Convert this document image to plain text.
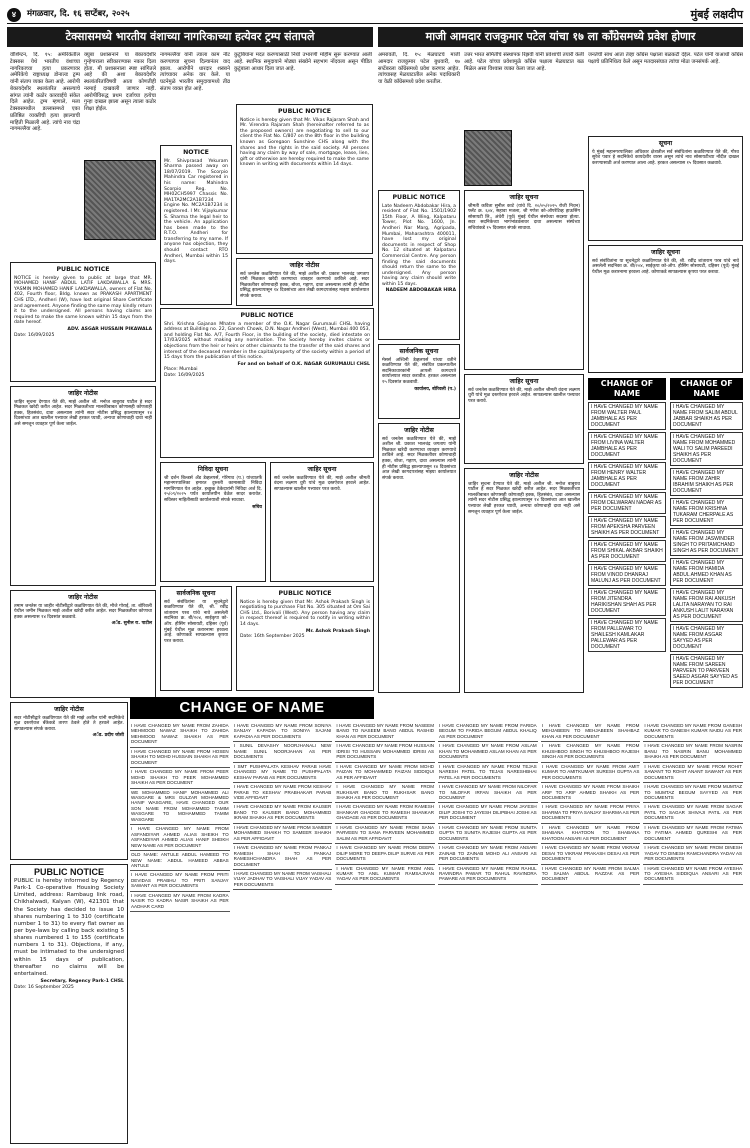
४	मंगळवार, दि. १६ सप्टेंबर, २०२५	मुंबई लक्षदीप
टेक्सासमध्ये भारतीय वंशाच्या नागरिकाच्या हत्येवर ट्रम्प संतापले	माजी आमदार राजकुमार पटेल यांचा १७ ला काँग्रेसमध्ये प्रवेश होणार
वॉशिंग्टन, दि. १५: अमेरिकेतील टेक्सास येथे भारतीय वंशाच्या नागरिकाच्या हत्या प्रकरणावर अमेरिकेचे राष्ट्राध्यक्ष डोनाल्ड ट्रम्प यांनी संताप व्यक्त केला आहे. आरोपी बेकायदेशीर स्थलांतरित असल्याचे सांगत त्यांनी कठोर कारवाईचे संकेत दिले आहेत. ट्रम्प म्हणाले, मला टेक्सासमधील डल्लासमध्ये एका प्रतिष्ठित व्यक्तीची हत्या झाल्याची माहिती मिळाली आहे. त्यांचे नाव चंद्रा नागमल्लैया आहे.
क्युबा प्रशासनाने या बेकायदेशीर गुन्हेगाराला स्वीकारण्यास नकार दिला होता. मी प्रशासनाला स्पष्ट सांगितले आहे की अशा बेकायदेशीर स्थलांतरितांविषयी आता कोणतीही नरमाई दाखवली जाणार नाही. आरोपीविरुद्ध प्रथम दर्जाच्या हत्येचा गुन्हा दाखल झाला असून त्याला कठोर शिक्षा होईल.
नागमल्लैया यांनी त्याला काम नीट करण्याच्या सूचना दिल्यानंतर वाद झाला. आरोपीने धारदार शस्त्राने त्यांच्यावर अनेक वार केले. या घटनेमुळे भारतीय समुदायामध्ये तीव्र संताप व्यक्त होत आहे.
कुटुंबियांना मदत करण्यासाठी निधी उभारणी मोहीम सुरू करण्यात आली आहे. स्थानिक समुदायाने मोठ्या संख्येने सहभाग नोंदवला असून पीडित कुटुंबाला आधार दिला जात आहे.
NOTICE
Mr. Shivprasad Yekuram Sharma passed away on 18/07/2019. The Scorpio Mahindra Car registered in his name: Mahindra Scorpio Reg. No. MH02CH5997 Chassis No. MA1TA2MC2A1B7234 Engine No. MC2A1B7234 is registered. I Mr. Vijaykumar S. Sharma the legal heir to the vehicle. An application has been made to the R.T.O. Andheri for transferring to my name. If anyone has objection, they should contact RTO Andheri, Mumbai within 15 days.
PUBLIC NOTICE
Notice is hereby given that Mr. Vikas Rajaram Shah and Mr. Virendra Rajaram Shah (hereinafter referred to as the proposed owners) are negotiating to sell to our client the Flat No. C/807 on the 8th floor in the building known as Goregaon Sunshine CHS along with the shares and the rights in the said society. All persons having any claim by way of sale, mortgage, lease, lien, gift or otherwise are hereby required to make the same known in writing with documents within 14 days.
PUBLIC NOTICE
NOTICE is hereby given to public at large that MR. MOHAMED HANIF ABDUL LATIF LAKDAWALLA & MRS. YASMIN MOHAMED HANIF LAKDAWALLA, owners of Flat No. 402, Fourth floor, Bldg. known as PRAKASH APARTMENT CHS LTD., Andheri (W), have lost original Share Certificate and agreement. Anyone finding the same may kindly return it to the undersigned. All persons having claims are required to make the same known within 15 days from the date hereof.
ADV. ASGAR HUSSAIN PIKAWALA
Date: 16/09/2025
PUBLIC NOTICE
Shri. Krishna Gajanan Mhatre a member of the O.K. Nagar Gurumauli CHSL having address at Building no. 22, Ganesh Chowk, D.N. Nagar Andheri (West), Mumbai 400 053, and holding Flat No. A/7, Fourth Floor, in the building of the society, died intestate on 17/03/2025 without making any nomination. The Society hereby invites claims or objections from the heir or heirs or other claimants to the transfer of the said shares and interest of the deceased member in the capital/property of the society within a period of 15 days from the publication of this notice.
For and on behalf of O.K. NAGAR GURUMAULI CHSL
Place: Mumbai
Date: 16/09/2025
जाहिर नोटीस
सर्व जनतेस कळविण्यात येते की, माझे अशील श्री. प्रकाश भालचंद्र जगताप यांनी मिळकत खरेदी करण्याचा व्यवहार करण्याचे ठरविले आहे. सदर मिळकतीवर कोणाचाही हक्क, बोजा, गहाण, दावा असल्यास त्यांनी ही नोटीस प्रसिद्ध झाल्यापासून १४ दिवसांच्या आत लेखी कागदपत्रांसह माझ्या कार्यालयात संपर्क करावा.
जाहिर नोटीस
जाहिर सूचना देण्यात येते की, माझे अशील श्री. मनोज बाबुराव पाटील हे सदर मिळकत खरेदी करीत आहेत. सदर मिळकतीच्या मालकीबाबत कोणासही कोणताही हक्क, हितसंबंध, दावा असल्यास त्यांनी सदर नोटीस प्रसिद्ध झाल्यापासून १४ दिवसांच्या आत खालील पत्त्यावर लेखी हरकत घ्यावी, अन्यथा कोणाचाही दावा नाही असे समजून व्यवहार पूर्ण केला जाईल.
निविदा सूचना
श्री दर्शन बिल्डर्स अँड डेव्हलपर्स, गोरेगाव (प.) यांच्यातर्फे महानगरपालिका इमारत दुरुस्ती कामासाठी निविदा मागविण्यात येत आहेत. इच्छुक ठेकेदारांनी निविदा अर्ज दि. २५/०९/२०२५ पर्यंत कार्यालयीन वेळेत सादर करावेत. सविस्तर माहितीसाठी कार्यालयाशी संपर्क साधावा.
सचिव
जाहिर सूचना
सर्व जनतेस कळविण्यात येते की, माझे अशील श्रीमती वंदना लक्ष्मण धुरी यांचे मूळ दस्तऐवज हरवले आहेत. सापडल्यास खालील पत्त्यावर परत करावे.
PUBLIC NOTICE
Notice is hereby given that Mr. Ashok Prakash Singh is negotiating to purchase Flat No. 305 situated at Om Sai CHS Ltd., Borivali (West). Any person having any claim in respect thereof is required to notify in writing within 14 days.
Mr. Ashok Prakash Singh
Date: 16th September 2025
सार्वजनिक सूचना
सर्व संबंधितांना या सूचनेद्वारे कळविण्यात येते की, श्री. रवींद्र शांताराम परब यांचे नावे असलेली सदनिका क्र. बी/२०४, साईकृपा को-ऑप. हौसिंग सोसायटी, दहिसर (पूर्व) मुंबई येथील मूळ करारनामा हरवला आहे. कोणाकडे सापडल्यास कृपया परत करावा.
जाहिर नोटीस
तमाम जनतेस या जाहीर नोटीसीद्वारे कळविण्यात येते की, मौजे गोराई, ता. बोरिवली येथील जमीन मिळकत माझे अशील खरेदी करीत आहेत. सदर मिळकतीवर कोणाचा हक्क असल्यास १४ दिवसांत कळवावे.
अॅड. सुनील रा. पाटील
PUBLIC NOTICE
PUBLIC is hereby informed by Regency Park-1 Co-operative Housing Society Limited, address: Rambaug link road, Chikhalwadi, Kalyan (W), 421301 that the Society has decided to issue 10 shares numbering 1 to 310 (certificate number 1 to 31) to every flat owner as per bye-laws by calling back existing 5 shares numbered 1 to 155 (certificate numbers 1 to 31). Objections, if any, must be intimated to the undersigned within 15 days of publication, thereafter no claims will be entertained.
Secretary, Regency Park-1 CHSL
Date: 16 September 2025
जाहिर नोटीस
सदर नोटीसीद्वारे कळविण्यात येते की माझे अशील यांनी सदनिकेचे मूळ दस्तऐवज बँकेकडे तारण ठेवले होते ते हरवले आहेत. सापडल्यास संपर्क करावा.
अॅड. प्रदीप जोशी
CHANGE OF NAME
I HAVE CHANGED MY NAME FROM ZAHIDA MEHMOOD NAWAZ SHAIKH TO ZAHIDA MEHMOOD NAWAZ SHAIKH AS PER DOCUMENT
I HAVE CHANGED MY NAME FROM HOSEN SHAIKH TO MOHD HUSSAIN SHAIKH AS PER DOCUMENT
I HAVE CHANGED MY NAME FROM PEER MOHD SHAIKH TO PEER MOHAMMED SHAIKH AS PER DOCUMENT
WE MOHAMMED HANIF MOHAMMED ALI WASGARE & MRS GULZAR MOHAMMED HANIF WASGARE, HAVE CHANGED OUR SON NAME FROM MOHAMMED TAMIM WASGARE TO MOHAMMED TAMIM WASGARE
I HAVE CHANGED MY NAME FROM ASFANDIYAR AHMED ALIAS SHEIKH TO ASFANDIYAR AHMED ALIAS HANIF SHEIKH NEW NAME AS PER DOCUMENT
OLD NAME: ANTULE ABDUL HAMEED TO NEW NAME: ABDUL HAMEED ABBAS ANTULE
I HAVE CHANGED MY NAME FROM PRITI DEVIDAS PRABHU TO PRITI SANJAY SAWANT AS PER DOCUMENTS
I HAVE CHANGED MY NAME FROM KADRA NASIR TO KADRA NASIR SHAIKH AS PER AADHAR CARD
I HAVE CHANGED MY NAME FROM SONIYA SANJAY KAPADIA TO SONIYA SAJANI KAPADIA AS PER DOCUMENTS
I SUNIL DEVASHY NOORJHANALI NEW NAME SUNIL NOORJAHAN AS PER DOCUMENTS
I SMT PUSHPALATA KESHAV PARAB HAVE CHANGED MY NAME TO PUSHPALATA KESHAV PARAB AS PER DOCUMENTS
I HAVE CHANGED MY NAME FROM KESHAV PARAB TO KESHAV PRABHAKAR PARAB VIDE AFFIDAVIT
I HAVE CHANGED MY NAME FROM KAUSER BANO TO KAUSER BANO MOHAMMED IKRAM SHAIKH AS PER DOCUMENTS
I HAVE CHANGED MY NAME FROM SAMEER MOHAMMED SHAIKH TO SAMEER SHAIKH AS PER AFFIDAVIT
I HAVE CHANGED MY NAME FROM PANKAJ RAMESH SHAH TO PANKAJ RAMESHCHANDRA SHAH AS PER DOCUMENT
I HAVE CHANGED MY NAME FROM VAISHALI VIJAY JADHAV TO VAISHALI VIJAY YADAV AS PER DOCUMENTS
I HAVE CHANGED MY NAME FROM NASEEM BANO TO NASEEM BANO ABDUL RASHID KHAN AS PER DOCUMENT
I HAVE CHANGED MY NAME FROM HUSSAIN IDRISI TO HUSSAIN MOHAMMED IDRISI AS PER DOCUMENTS
I HAVE CHANGED MY NAME FROM MOHD FAIZAN TO MOHAMMED FAIZAN SIDDIQUI AS PER AFFIDAVIT
I HAVE CHANGED MY NAME FROM RUKHSAR BANO TO RUKHSAR BANO SHAIKH AS PER DOCUMENT
I HAVE CHANGED MY NAME FROM RAMESH SHANKAR GHADGE TO RAMESH SHANKAR GHADAGE AS PER DOCUMENTS
I HAVE CHANGED MY NAME FROM SANA PARVEEN TO SANA PARVEEN MOHAMMED SALIM AS PER AFFIDAVIT
I HAVE CHANGED MY NAME FROM DEEPA DILIP MORE TO DEEPA DILIP SURVE AS PER DOCUMENTS
I HAVE CHANGED MY NAME FROM ANIL KUMAR TO ANIL KUMAR RAMSAJIVAN YADAV AS PER DOCUMENTS
I HAVE CHANGED MY NAME FROM FARIDA BEGUM TO FARIDA BEGUM ABDUL KHALIQ AS PER DOCUMENT
I HAVE CHANGED MY NAME FROM ASLAM KHAN TO MOHAMMED ASLAM KHAN AS PER DOCUMENTS
I HAVE CHANGED MY NAME FROM TEJAS NARESH PATEL TO TEJAS NARESHBHAI PATEL AS PER DOCUMENTS
I HAVE CHANGED MY NAME FROM NILOFAR TO NILOFAR IRFAN SHAIKH AS PER DOCUMENT
I HAVE CHANGED MY NAME FROM JAYESH DILIP JOSHI TO JAYESH DILIPBHAI JOSHI AS PER DOCUMENT
I HAVE CHANGED MY NAME FROM SUNITA GUPTA TO SUNITA RAJESH GUPTA AS PER DOCUMENTS
I HAVE CHANGED MY NAME FROM ANSARI ZAINAB TO ZAINAB MOHD ALI ANSARI AS PER DOCUMENTS
I HAVE CHANGED MY NAME FROM RAHUL RAVINDRA PAWAR TO RAHUL RAVINDRA PAWARE AS PER DOCUMENTS
I HAVE CHANGED MY NAME FROM MEHJABEEN TO MEHJABEEN SHAHBAZ KHAN AS PER DOCUMENT
I HAVE CHANGED MY NAME FROM KHUSHBOO SINGH TO KHUSHBOO RAJESH SINGH AS PER DOCUMENTS
I HAVE CHANGED MY NAME FROM AMIT KUMAR TO AMITKUMAR SURESH GUPTA AS PER DOCUMENTS
I HAVE CHANGED MY NAME FROM SHAIKH ARIF TO ARIF AHMED SHAIKH AS PER DOCUMENTS
I HAVE CHANGED MY NAME FROM PRIYA SHARMA TO PRIYA SANJAY SHARMA AS PER DOCUMENTS
I HAVE CHANGED MY NAME FROM SHABANA KHATOON TO SHABANA KHATOON ANSARI AS PER DOCUMENT
I HAVE CHANGED MY NAME FROM VIKRAM DESAI TO VIKRAM PRAKASH DESAI AS PER DOCUMENTS
I HAVE CHANGED MY NAME FROM SALMA TO SALMA ABDUL RAZZAK AS PER DOCUMENT
I HAVE CHANGED MY NAME FROM GANESH KUMAR TO GANESH KUMAR NAIDU AS PER DOCUMENTS
I HAVE CHANGED MY NAME FROM NASRIN BANU TO NASRIN BANU MOHAMMED SHAIKH AS PER DOCUMENT
I HAVE CHANGED MY NAME FROM ROHIT SAWANT TO ROHIT ANANT SAWANT AS PER DOCUMENTS
I HAVE CHANGED MY NAME FROM MUMTAZ TO MUMTAZ BEGUM SAYYED AS PER DOCUMENTS
I HAVE CHANGED MY NAME FROM SAGAR PATIL TO SAGAR SHIVAJI PATIL AS PER DOCUMENTS
I HAVE CHANGED MY NAME FROM FATIMA TO FATIMA AHMED QURESHI AS PER DOCUMENT
I HAVE CHANGED MY NAME FROM DINESH YADAV TO DINESH RAMCHANDRA YADAV AS PER DOCUMENTS
I HAVE CHANGED MY NAME FROM AYESHA TO AYESHA SIDDIQUA ANSARI AS PER DOCUMENTS
PUBLIC NOTICE
Late Nadeem Abdobakar Hira, a resident of Flat No. 1501/1902 15th Floor, A Wing, Kalpataru Tower, Plot No. 1600, Jn. Andheri Nar Marg, Agripada, Mumbai, Maharashtra 400011, have lost my original documents in respect of Shop No. 12 situated at Kalpataru Commercial Centre. Any person finding the said documents should return the same to the undersigned. Any person having any claim should write within 15 days.
NADEEM ABDOBAKAR HIRA
अमरावती, दि. १५: मेळघाटचे माजी आमदार राजकुमार पटेल बुधवारी, १७ सप्टेंबरला काँग्रेसमध्ये प्रवेश करणार आहेत. त्यांच्यासह मेळघाटातील अनेक पदाधिकारी या वेळी काँग्रेसमध्ये प्रवेश करतील.
उत्तर भारत समितीचे संस्थापक रिझवी यांनी प्रवेशाची तयारी केली आहे. पटेल यांच्या प्रवेशामुळे काँग्रेस पक्षाला मेळघाटात बळ मिळेल असा विश्वास व्यक्त केला जात आहे.
जनतेची साथ आता तेव्हा काँग्रेस पक्षाला बळकटी देईल. पटेल यांनी याआधी काँग्रेस पक्षाचे प्रतिनिधित्व केले असून मतदारसंघात त्यांचा मोठा जनसंपर्क आहे.
जाहिर सूचना
श्रीमती कविता सुनील काटे (यांचे दि. २०/०५/२०२५ रोजी निधन) फ्लॅट क्र. ६०४, सहावा मजला, श्री गणेश को-ऑपरेटिव्ह हाऊसिंग सोसायटी लि., अंधेरी (पूर्व) मुंबई येथील संस्थेच्या सदस्या होत्या. सदर सदनिकेच्या भागभांडवलावर दावा असल्यास संस्थेच्या सचिवांकडे १५ दिवसात संपर्क साधावा.
सूचना
ये मुंबई महानगरपालिका अधिकार क्षेत्रातील सर्व संबंधितांना कळविण्यात येते की, गौरव सुरेश पवार हे सदनिकेचे कायदेशीर वारस असून त्यांचे नाव सोसायटीच्या नोंदीत दाखल करण्यासाठी अर्ज करण्यात आला आहे. हरकत असल्यास १५ दिवसात कळवावे.
सार्वजनिक सूचना
मेसर्स अश्विनी डेव्हलपर्स यांच्या वतीने कळविण्यात येते की, संबंधित प्रकल्पातील सदनिकाधारकांनी आपली कागदपत्रे कार्यालयात सादर करावीत. हरकत असल्यास १५ दिवसांत कळवावी.
कार्यालय, बोरिवली (प.)
CHANGE OF NAME
I HAVE CHANGED MY NAME FROM WALTER PAUL JAMBHALE AS PER DOCUMENT
I HAVE CHANGED MY NAME FROM LIVINA WALTER JAMBHALE AS PER DOCUMENT
I HAVE CHANGED MY NAME FROM HENRY WALTER JAMBHALE AS PER DOCUMENT
I HAVE CHANGED MY NAME FROM DELWARAN NADAR AS PER DOCUMENT
I HAVE CHANGED MY NAME FROM APEKSHA PARVEEN SHAIKH AS PER DOCUMENT
I HAVE CHANGED MY NAME FROM SHIKAL AKBAR SHAIKH AS PER DOCUMENT
I HAVE CHANGED MY NAME FROM VINOD DHANRAJ MALUNJ AS PER DOCUMENT
I HAVE CHANGED MY NAME FROM JITENDRA HARIKISHAN SHAH AS PER DOCUMENT
I HAVE CHANGED MY NAME FROM PALLEWAR TO SHAILESH KAMLAKAR PALLEWAR AS PER DOCUMENT
CHANGE OF NAME
I HAVE CHANGED MY NAME FROM SALIM ABDUL JABBAR SHAIKH AS PER DOCUMENT
I HAVE CHANGED MY NAME FROM MOHAMMED WALI TO SALIM PAREEDI SHAIKH AS PER DOCUMENT
I HAVE CHANGED MY NAME FROM ZAHIR IBRAHIM SHAIKH AS PER DOCUMENT
I HAVE CHANGED MY NAME FROM KRISHNA TUKARAM CHERPALE AS PER DOCUMENT
I HAVE CHANGED MY NAME FROM JASWINDER SINGH TO PRITAMCHAND SINGH AS PER DOCUMENT
I HAVE CHANGED MY NAME FROM HAMIDA ABDUL AHMED KHAN AS PER DOCUMENT
I HAVE CHANGED MY NAME FROM RAI ANKUSH LALITA NARAYAN TO RAI ANKUSH LALIT NARAYAN AS PER DOCUMENT
I HAVE CHANGED MY NAME FROM ASGAR SAYYED AS PER DOCUMENT
I HAVE CHANGED MY NAME FROM SAREEN PARVEEN TO PARVEEN SAEED ASGAR SAYYED AS PER DOCUMENT
जाहिर सूचना
सर्व जनतेस कळविण्यात येते की, माझे अशील श्रीमती वंदना लक्ष्मण धुरी यांचे मूळ दस्तऐवज हरवले आहेत. सापडल्यास खालील पत्त्यावर परत करावे.
जाहिर नोटीस
सर्व जनतेस कळविण्यात येते की, माझे अशील श्री. प्रकाश भालचंद्र जगताप यांनी मिळकत खरेदी करण्याचा व्यवहार करण्याचे ठरविले आहे. सदर मिळकतीवर कोणाचाही हक्क, बोजा, गहाण, दावा असल्यास त्यांनी ही नोटीस प्रसिद्ध झाल्यापासून १४ दिवसांच्या आत लेखी कागदपत्रांसह माझ्या कार्यालयात संपर्क करावा.	जाहिर नोटीस
जाहिर सूचना देण्यात येते की, माझे अशील श्री. मनोज बाबुराव पाटील हे सदर मिळकत खरेदी करीत आहेत. सदर मिळकतीच्या मालकीबाबत कोणासही कोणताही हक्क, हितसंबंध, दावा असल्यास त्यांनी सदर नोटीस प्रसिद्ध झाल्यापासून १४ दिवसांच्या आत खालील पत्त्यावर लेखी हरकत घ्यावी, अन्यथा कोणाचाही दावा नाही असे समजून व्यवहार पूर्ण केला जाईल.
जाहिर सूचना
सर्व संबंधितांना या सूचनेद्वारे कळविण्यात येते की, श्री. रवींद्र शांताराम परब यांचे नावे असलेली सदनिका क्र. बी/२०४, साईकृपा को-ऑप. हौसिंग सोसायटी, दहिसर (पूर्व) मुंबई येथील मूळ करारनामा हरवला आहे. कोणाकडे सापडल्यास कृपया परत करावा.
